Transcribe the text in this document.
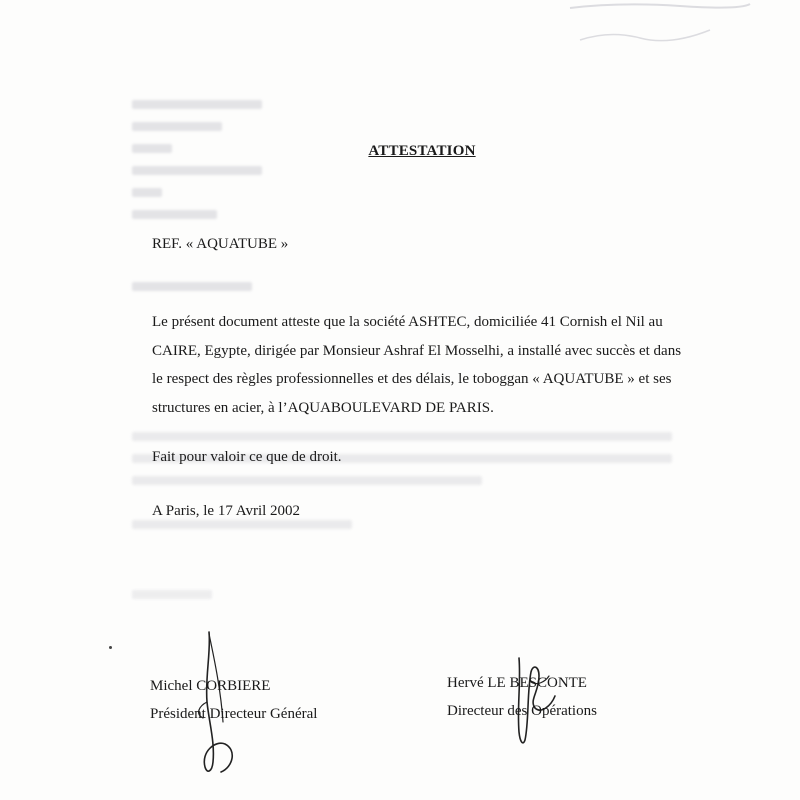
ATTESTATION
REF. « AQUATUBE »
Le présent document atteste que la société ASHTEC, domiciliée 41 Cornish el Nil au
CAIRE, Egypte, dirigée par Monsieur Ashraf El Mosselhi, a installé avec succès et dans
le respect des règles professionnelles et des délais, le toboggan « AQUATUBE » et ses
structures en acier, à l’AQUABOULEVARD DE PARIS.
Fait pour valoir ce que de droit.
A Paris, le 17 Avril 2002
Michel CORBIERE
Président Directeur Général
Hervé LE BESCONTE
Directeur des Opérations
